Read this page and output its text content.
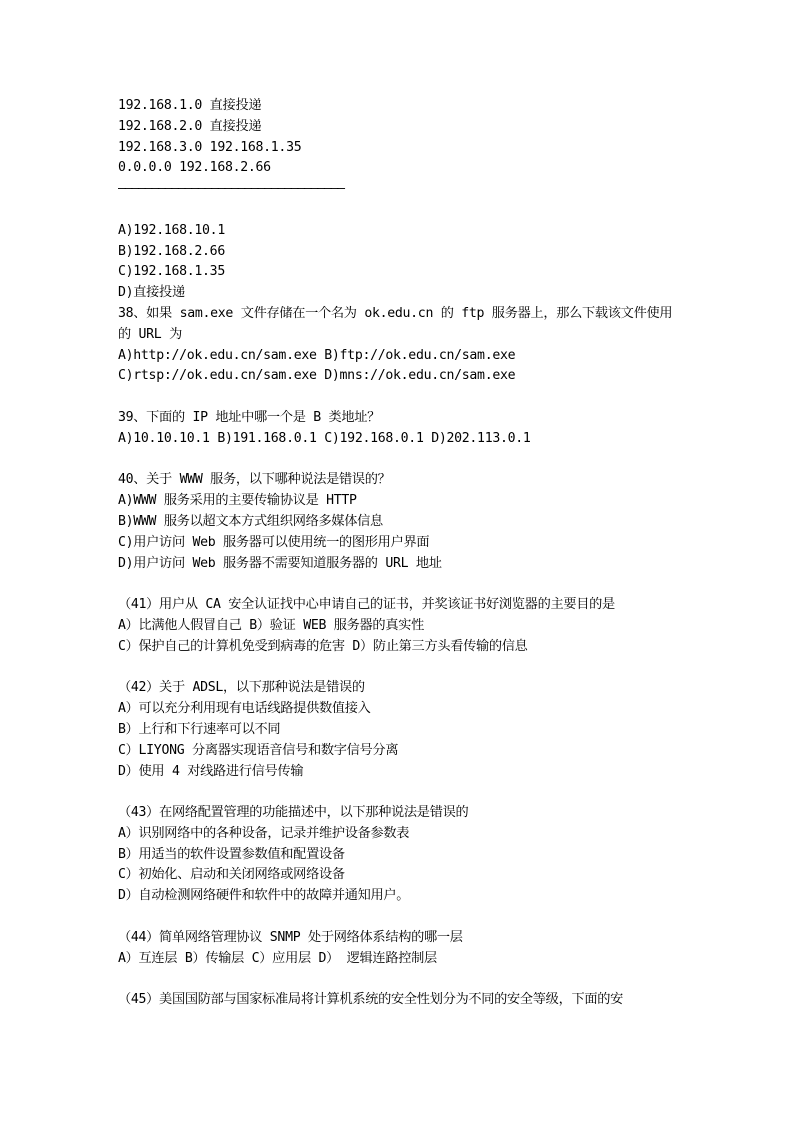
192.168.1.0 直接投递
192.168.2.0 直接投递
192.168.3.0 192.168.1.35
0.0.0.0 192.168.2.66
——————————————————————————————————
A)192.168.10.1
B)192.168.2.66
C)192.168.1.35
D)直接投递
38、如果 sam.exe 文件存储在一个名为 ok.edu.cn 的 ftp 服务器上，那么下载该文件使用
的 URL 为
A)http://ok.edu.cn/sam.exe B)ftp://ok.edu.cn/sam.exe
C)rtsp://ok.edu.cn/sam.exe D)mns://ok.edu.cn/sam.exe
39、下面的 IP 地址中哪一个是 B 类地址？
A)10.10.10.1 B)191.168.0.1 C)192.168.0.1 D)202.113.0.1
40、关于 WWW 服务，以下哪种说法是错误的？
A)WWW 服务采用的主要传输协议是 HTTP
B)WWW 服务以超文本方式组织网络多媒体信息
C)用户访问 Web 服务器可以使用统一的图形用户界面
D)用户访问 Web 服务器不需要知道服务器的 URL 地址
（41）用户从 CA 安全认证找中心申请自己的证书，并奖该证书好浏览器的主要目的是
A）比满他人假冒自己 B）验证 WEB 服务器的真实性
C）保护自己的计算机免受到病毒的危害 D）防止第三方头看传输的信息
（42）关于 ADSL，以下那种说法是错误的
A）可以充分利用现有电话线路提供数值接入
B）上行和下行速率可以不同
C）LIYONG 分离器实现语音信号和数字信号分离
D）使用 4 对线路进行信号传输
（43）在网络配置管理的功能描述中，以下那种说法是错误的
A）识别网络中的各种设备，记录并维护设备参数表
B）用适当的软件设置参数值和配置设备
C）初始化、启动和关闭网络或网络设备
D）自动检测网络硬件和软件中的故障并通知用户。
（44）简单网络管理协议 SNMP 处于网络体系结构的哪一层
A）互连层 B）传输层 C）应用层 D） 逻辑连路控制层
（45）美国国防部与国家标准局将计算机系统的安全性划分为不同的安全等级，下面的安
